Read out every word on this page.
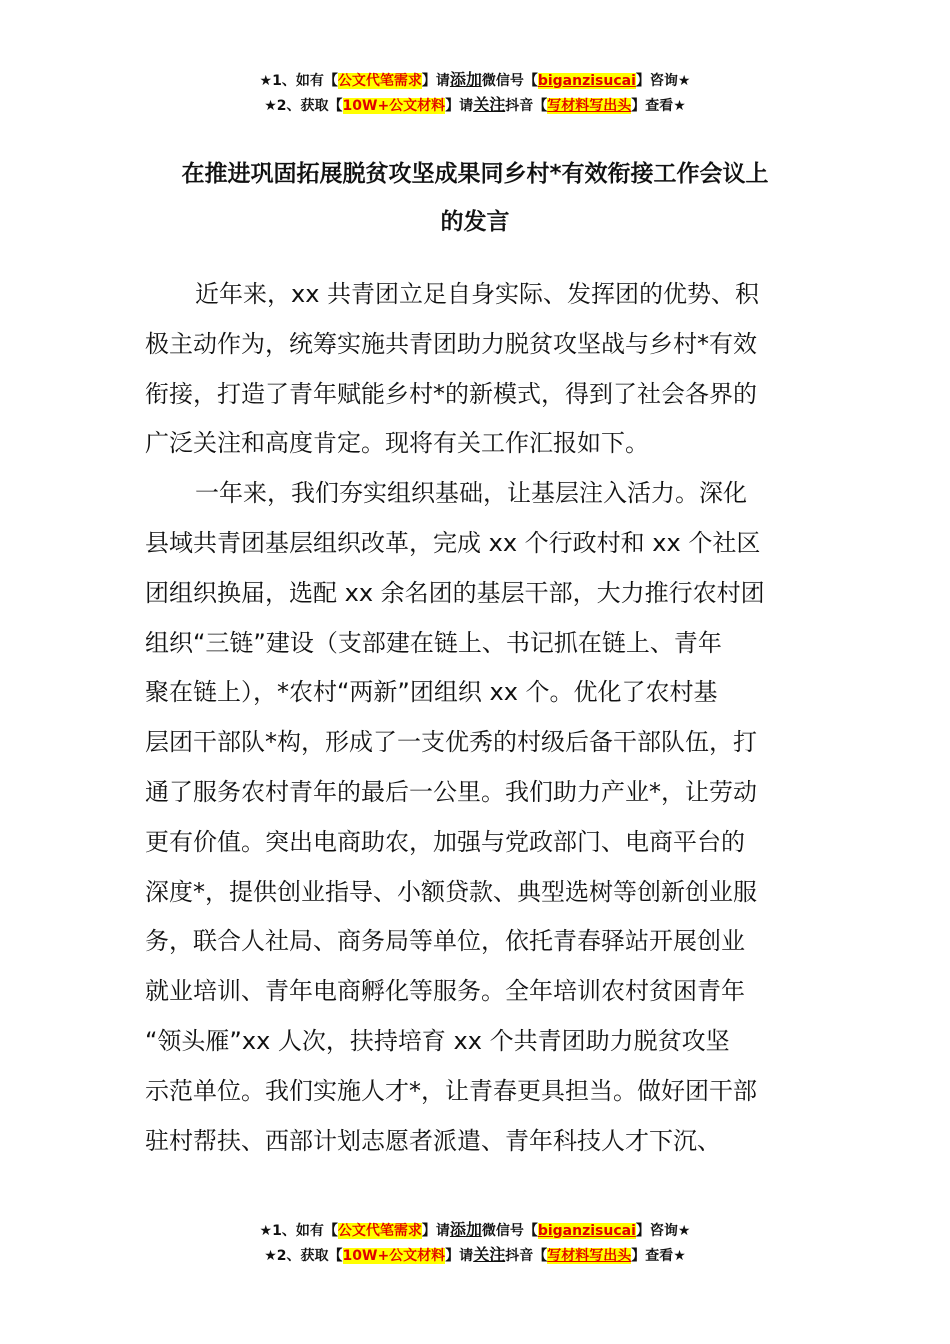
★1、如有【公文代笔需求】请添加微信号【biganzisucai】咨询★
★2、获取【10W+公文材料】请关注抖音【写材料写出头】查看★
在推进巩固拓展脱贫攻坚成果同乡村*有效衔接工作会议上
的发言
近年来，xx 共青团立足自身实际、发挥团的优势、积
极主动作为，统筹实施共青团助力脱贫攻坚战与乡村*有效
衔接，打造了青年赋能乡村*的新模式，得到了社会各界的
广泛关注和高度肯定。现将有关工作汇报如下。
一年来，我们夯实组织基础，让基层注入活力。深化
县域共青团基层组织改革，完成 xx 个行政村和 xx 个社区
团组织换届，选配 xx 余名团的基层干部，大力推行农村团
组织“三链”建设（支部建在链上、书记抓在链上、青年
聚在链上），*农村“两新”团组织 xx 个。优化了农村基
层团干部队*构，形成了一支优秀的村级后备干部队伍，打
通了服务农村青年的最后一公里。我们助力产业*，让劳动
更有价值。突出电商助农，加强与党政部门、电商平台的
深度*，提供创业指导、小额贷款、典型选树等创新创业服
务，联合人社局、商务局等单位，依托青春驿站开展创业
就业培训、青年电商孵化等服务。全年培训农村贫困青年
“领头雁”xx 人次，扶持培育 xx 个共青团助力脱贫攻坚
示范单位。我们实施人才*，让青春更具担当。做好团干部
驻村帮扶、西部计划志愿者派遣、青年科技人才下沉、
★1、如有【公文代笔需求】请添加微信号【biganzisucai】咨询★
★2、获取【10W+公文材料】请关注抖音【写材料写出头】查看★
